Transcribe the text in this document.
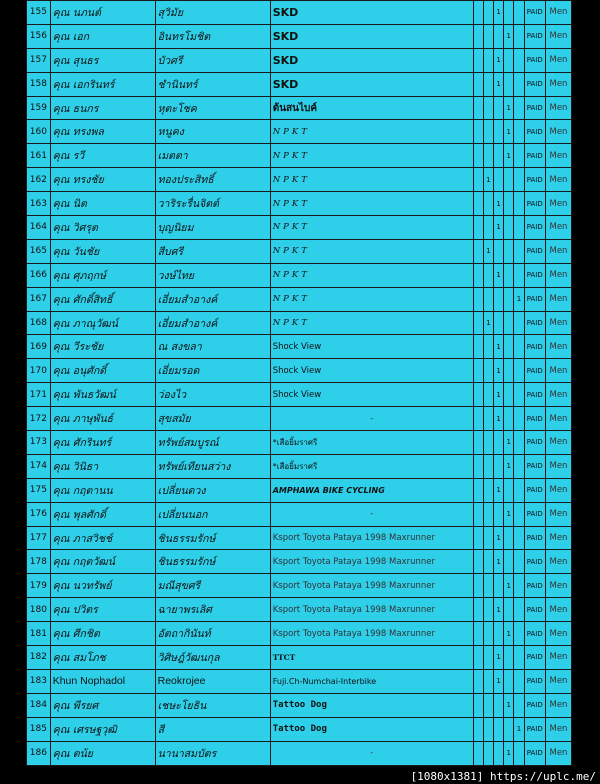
155	คุณ นภนต์	สุวิมัย	SKD			1			PAID	Men
156	คุณ เอก	อินทรโมชิต	SKD				1		PAID	Men
157	คุณ สุนธร	บัวศรี	SKD			1			PAID	Men
158	คุณ เอกรินทร์	ชำนินทร์	SKD			1			PAID	Men
159	คุณ ธนกร	หุตะโชค	ต้นสนไบค์				1		PAID	Men
160	คุณ ทรงพล	หนูคง	NPKT				1		PAID	Men
161	คุณ รวี	เมตตา	NPKT				1		PAID	Men
162	คุณ ทรงชัย	ทองประสิทธิ์	NPKT		1				PAID	Men
163	คุณ นิต	วาริระรื่นจิตต์	NPKT			1			PAID	Men
164	คุณ วิศรุต	บุญนิยม	NPKT			1			PAID	Men
165	คุณ วันชัย	สีบศรี	NPKT		1				PAID	Men
166	คุณ ศุภฤกษ์	วงษ์ไทย	NPKT			1			PAID	Men
167	คุณ ศักดิ์สิทธิ์	เอี่ยมสำอางค์	NPKT					1	PAID	Men
168	คุณ ภาณุวัฒน์	เอี่ยมสำอางค์	NPKT		1				PAID	Men
169	คุณ วีระชัย	ณ สงขลา	Shock View			1			PAID	Men
170	คุณ อนุศักดิ์	เอี่ยมรอด	Shock View			1			PAID	Men
171	คุณ พันธวัฒน์	ว่องไว	Shock View			1			PAID	Men
172	คุณ ภาษุพันธ์	สุขสมัย	-			1			PAID	Men
173	คุณ ศักรินทร์	ทรัพย์สมบูรณ์	*เสือยิ้มราศรี				1		PAID	Men
174	คุณ วินิธา	ทรัพย์เทียนสว่าง	*เสือยิ้มราศรี				1		PAID	Men
175	คุณ กฤตานน	เปลี่ยนดวง	AMPHAWA BIKE CYCLING			1			PAID	Men
176	คุณ พุลศักดิ์	เปลี่ยนนอก	-				1		PAID	Men
177	คุณ ภาสวิชช์	ชินธรรมรักษ์	Ksport Toyota Pataya 1998 Maxrunner			1			PAID	Men
178	คุณ กฤตวัฒน์	ชินธรรมรักษ์	Ksport Toyota Pataya 1998 Maxrunner			1			PAID	Men
179	คุณ นวทรัพย์	มณีสุขศรี	Ksport Toyota Pataya 1998 Maxrunner				1		PAID	Men
180	คุณ ปวิตร	ฉายาพรเลิศ	Ksport Toyota Pataya 1998 Maxrunner			1			PAID	Men
181	คุณ ศีกชิต	อัตถากินันท์	Ksport Toyota Pataya 1998 Maxrunner				1		PAID	Men
182	คุณ สมโภช	วิศิษฎ์วัฒนกุล	TTCT			1			PAID	Men
183	Khun Nophadol	Reokrojee	Fuji.Ch-Numchai-Interbike			1			PAID	Men
184	คุณ พีรยศ	เชษะโยธิน	Tattoo Dog				1		PAID	Men
185	คุณ เศรษฐวุฒิ	สี	Tattoo Dog					1	PAID	Men
186	คุณ ตน้ย	นานาสมบัตร	-				1		PAID	Men
[1080x1381] https://uplc.me/
